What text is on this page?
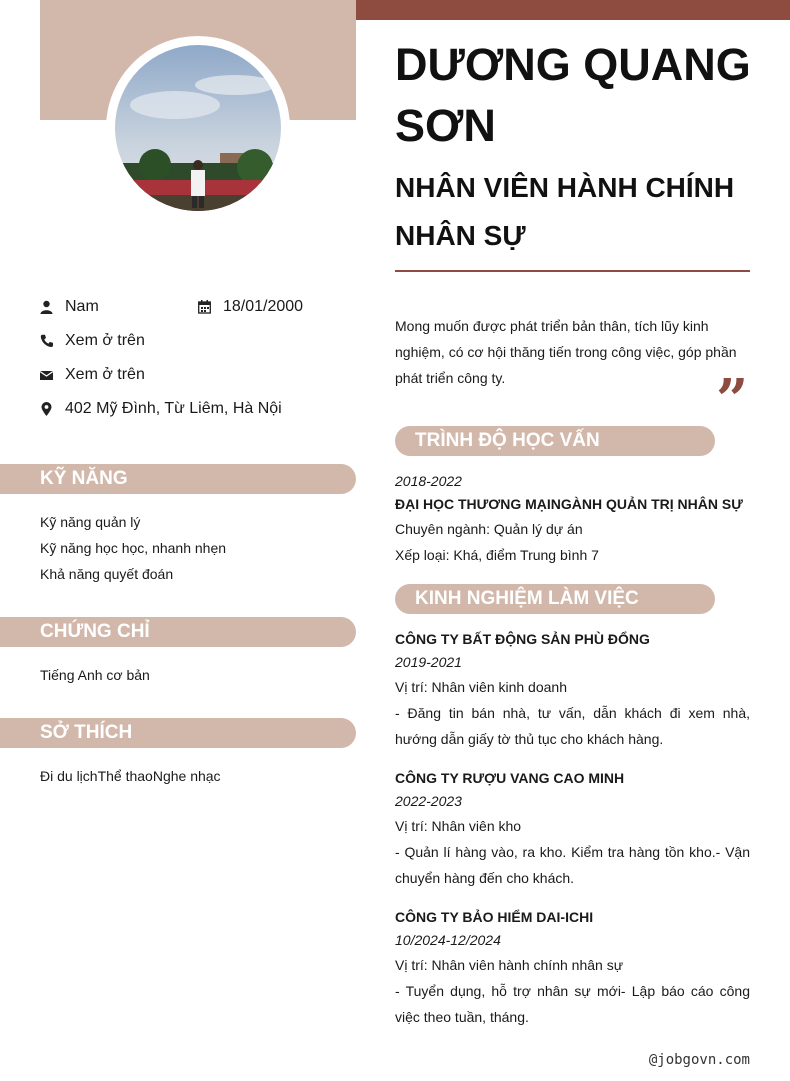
Nam	18/01/2000
Xem ở trên
Xem ở trên
402 Mỹ Đình, Từ Liêm, Hà Nội
KỸ NĂNG
Kỹ năng quản lý
Kỹ năng học học, nhanh nhẹn
Khả năng quyết đoán
CHỨNG CHỈ
Tiếng Anh cơ bản
SỞ THÍCH
Đi du lịchThể thaoNghe nhạc
DƯƠNG QUANG SƠN
NHÂN VIÊN HÀNH CHÍNH NHÂN SỰ
Mong muốn được phát triển bản thân, tích lũy kinh nghiệm, có cơ hội thăng tiến trong công việc, góp phần phát triển công ty.	”
TRÌNH ĐỘ HỌC VẤN
2018-2022
ĐẠI HỌC THƯƠNG MẠINGÀNH QUẢN TRỊ NHÂN SỰ
Chuyên ngành: Quản lý dự án
Xếp loại: Khá, điểm Trung bình 7
KINH NGHIỆM LÀM VIỆC
CÔNG TY BẤT ĐỘNG SẢN PHÙ ĐỔNG
2019-2021
Vị trí: Nhân viên kinh doanh
- Đăng tin bán nhà, tư vấn, dẫn khách đi xem nhà, hướng dẫn giấy tờ thủ tục cho khách hàng.
CÔNG TY RƯỢU VANG CAO MINH
2022-2023
Vị trí: Nhân viên kho
- Quản lí hàng vào, ra kho. Kiểm tra hàng tồn kho.- Vận chuyển hàng đến cho khách.
CÔNG TY BẢO HIỂM DAI-ICHI
10/2024-12/2024
Vị trí: Nhân viên hành chính nhân sự
- Tuyển dụng, hỗ trợ nhân sự mới- Lập báo cáo công việc theo tuần, tháng.
@jobgovn.com
